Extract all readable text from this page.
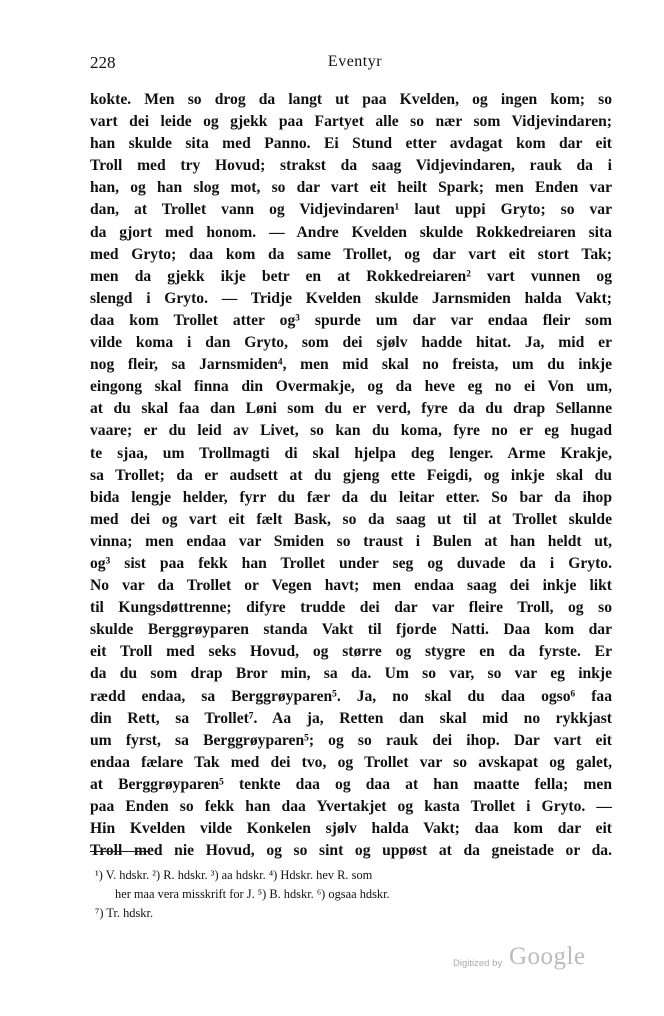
228	Eventyr
kokte. Men so drog da langt ut paa Kvelden, og ingen kom; so
vart dei leide og gjekk paa Fartyet alle so nær som Vidjevindaren;
han skulde sita med Panno. Ei Stund etter avdagat kom dar eit
Troll med try Hovud; strakst da saag Vidjevindaren, rauk da i
han, og han slog mot, so dar vart eit heilt Spark; men Enden var
dan, at Trollet vann og Vidjevindaren¹ laut uppi Gryto; so var
da gjort med honom. — Andre Kvelden skulde Rokkedreiaren sita
med Gryto; daa kom da same Trollet, og dar vart eit stort Tak;
men da gjekk ikje betr en at Rokkedreiaren² vart vunnen og
slengd i Gryto. — Tridje Kvelden skulde Jarnsmiden halda Vakt;
daa kom Trollet atter og³ spurde um dar var endaa fleir som
vilde koma i dan Gryto, som dei sjølv hadde hitat. Ja, mid er
nog fleir, sa Jarnsmiden⁴, men mid skal no freista, um du inkje
eingong skal finna din Overmakje, og da heve eg no ei Von um,
at du skal faa dan Løni som du er verd, fyre da du drap Sellanne
vaare; er du leid av Livet, so kan du koma, fyre no er eg hugad
te sjaa, um Trollmagti di skal hjelpa deg lenger. Arme Krakje,
sa Trollet; da er audsett at du gjeng ette Feigdi, og inkje skal du
bida lengje helder, fyrr du fær da du leitar etter. So bar da ihop
med dei og vart eit fælt Bask, so da saag ut til at Trollet skulde
vinna; men endaa var Smiden so traust i Bulen at han heldt ut,
og³ sist paa fekk han Trollet under seg og duvade da i Gryto.
No var da Trollet or Vegen havt; men endaa saag dei inkje likt
til Kungsdøttrenne; difyre trudde dei dar var fleire Troll, og so
skulde Berggrøyparen standa Vakt til fjorde Natti. Daa kom dar
eit Troll med seks Hovud, og større og stygre en da fyrste. Er
da du som drap Bror min, sa da. Um so var, so var eg inkje
rædd endaa, sa Berggrøyparen⁵. Ja, no skal du daa ogso⁶ faa
din Rett, sa Trollet⁷. Aa ja, Retten dan skal mid no rykkjast
um fyrst, sa Berggrøyparen⁵; og so rauk dei ihop. Dar vart eit
endaa fælare Tak med dei tvo, og Trollet var so avskapat og galet,
at Berggrøyparen⁵ tenkte daa og daa at han maatte fella; men
paa Enden so fekk han daa Yvertakjet og kasta Trollet i Gryto. —
Hin Kvelden vilde Konkelen sjølv halda Vakt; daa kom dar eit
Troll med nie Hovud, og so sint og uppøst at da gneistade or da.
¹) V. hdskr. ²) R. hdskr. ³) aa hdskr. ⁴) Hdskr. hev R. som
her maa vera misskrift for J. ⁵) B. hdskr. ⁶) ogsaa hdskr.
⁷) Tr. hdskr.
Digitized by Google
